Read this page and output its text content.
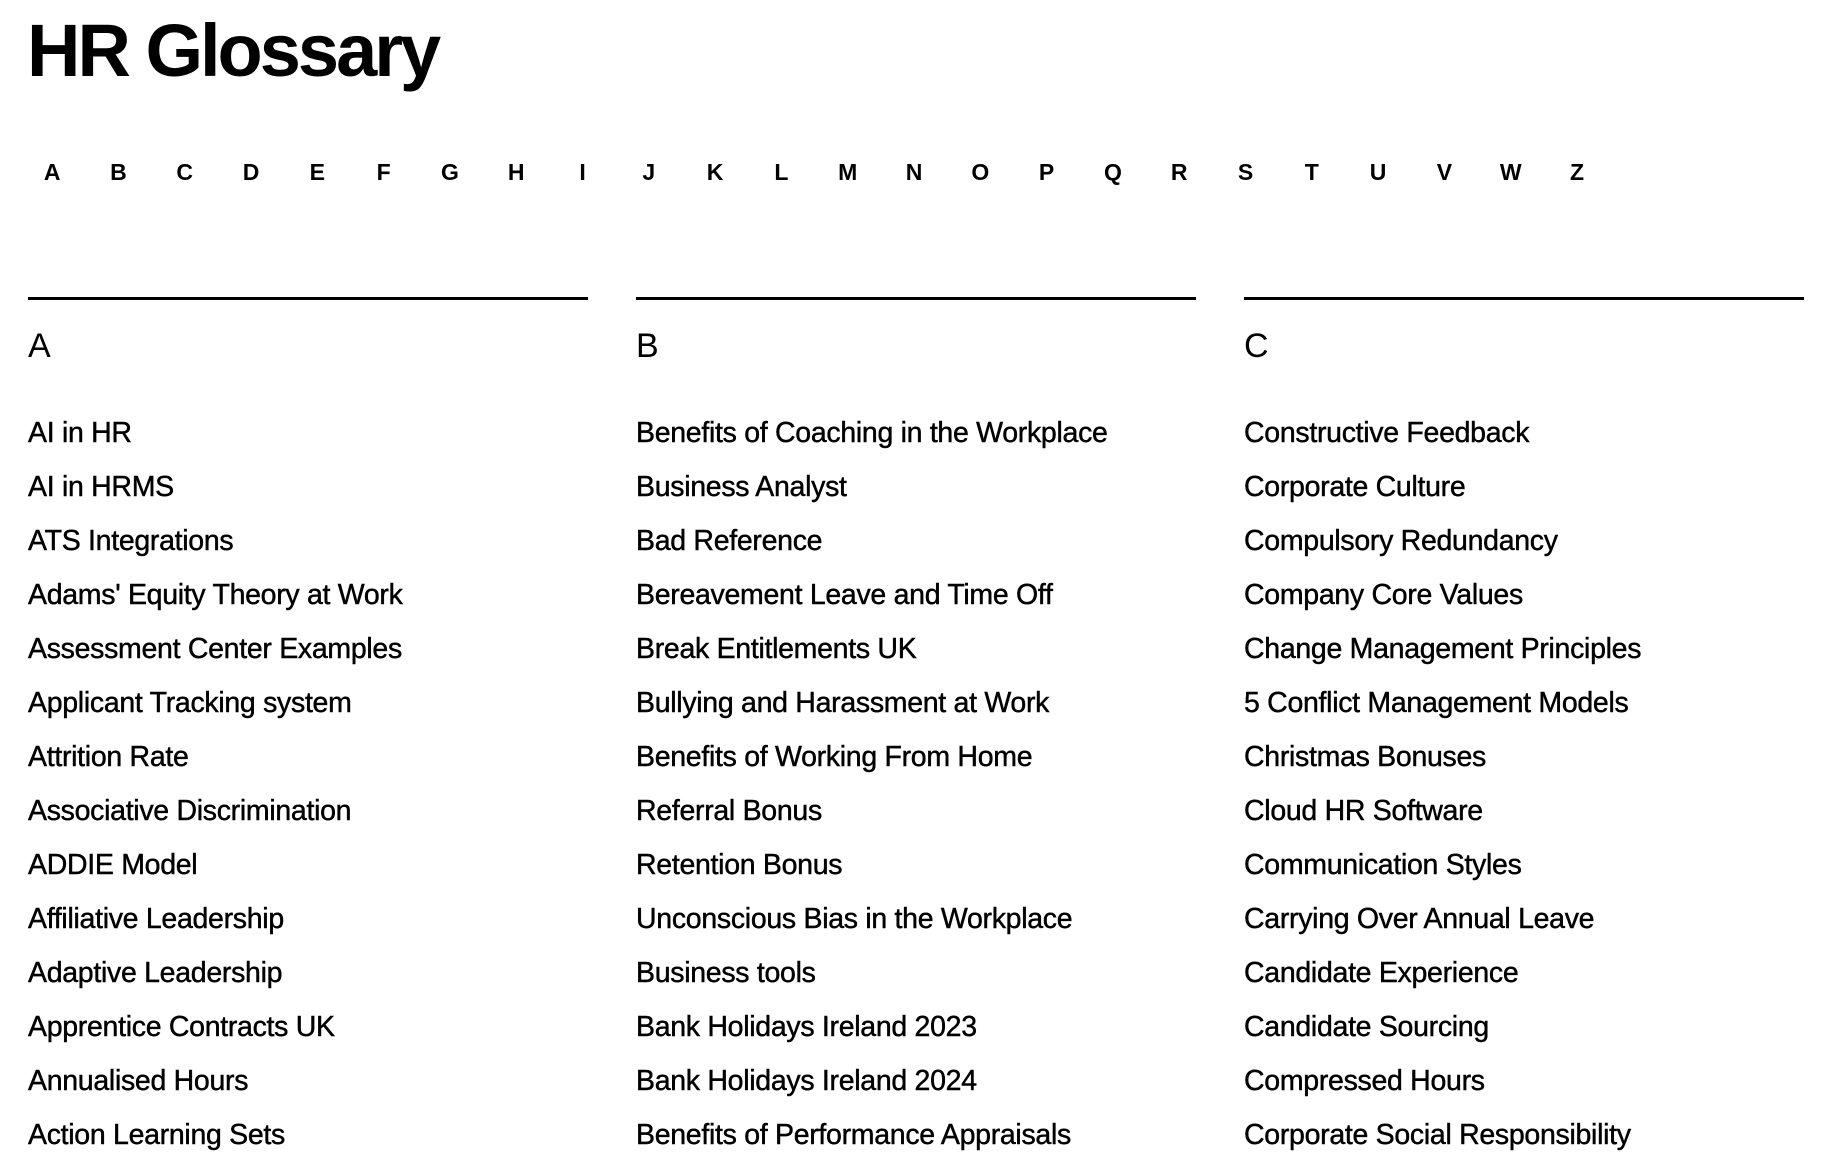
HR Glossary
A	B	C	D	E	F	G	H	I	J	K	L	M	N	O	P	Q	R	S	T	U	V	W	Z
A
AI in HR
AI in HRMS
ATS Integrations
Adams' Equity Theory at Work
Assessment Center Examples
Applicant Tracking system
Attrition Rate
Associative Discrimination
ADDIE Model
Affiliative Leadership
Adaptive Leadership
Apprentice Contracts UK
Annualised Hours
Action Learning Sets
B
Benefits of Coaching in the Workplace
Business Analyst
Bad Reference
Bereavement Leave and Time Off
Break Entitlements UK
Bullying and Harassment at Work
Benefits of Working From Home
Referral Bonus
Retention Bonus
Unconscious Bias in the Workplace
Business tools
Bank Holidays Ireland 2023
Bank Holidays Ireland 2024
Benefits of Performance Appraisals
C
Constructive Feedback
Corporate Culture
Compulsory Redundancy
Company Core Values
Change Management Principles
5 Conflict Management Models
Christmas Bonuses
Cloud HR Software
Communication Styles
Carrying Over Annual Leave
Candidate Experience
Candidate Sourcing
Compressed Hours
Corporate Social Responsibility
